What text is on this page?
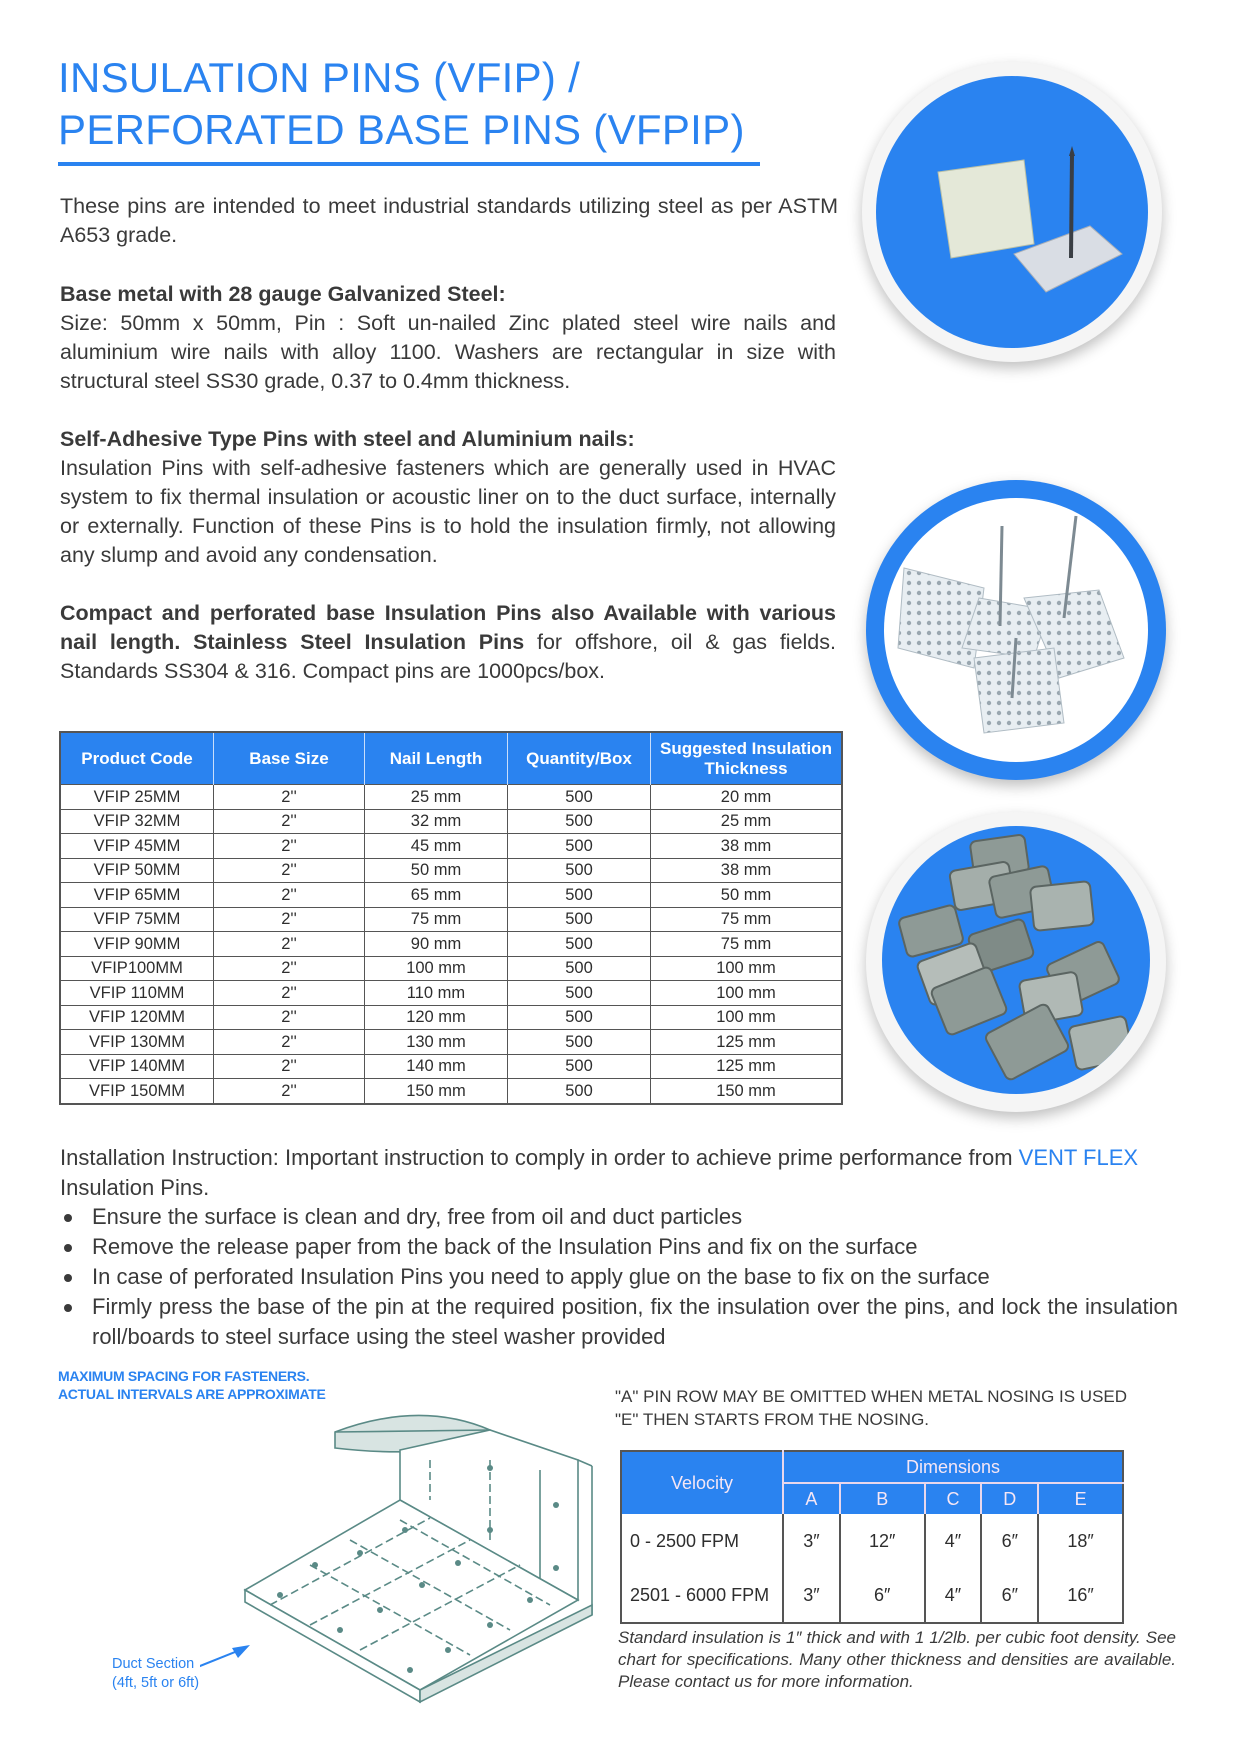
INSULATION PINS (VFIP) /
PERFORATED BASE PINS (VFPIP)
These pins are intended to meet industrial standards utilizing steel as per ASTM A653 grade.
Base metal with 28 gauge Galvanized Steel:
Size: 50mm x 50mm, Pin : Soft un-nailed Zinc plated steel wire nails and aluminium wire nails with alloy 1100. Washers are rectangular in size with structural steel SS30 grade, 0.37 to 0.4mm thickness.
Self-Adhesive Type Pins with steel and Aluminium nails:
Insulation Pins with self-adhesive fasteners which are generally used in HVAC system to fix thermal insulation or acoustic liner on to the duct surface, internally or externally. Function of these Pins is to hold the insulation firmly, not allowing any slump and avoid any condensation.
Compact and perforated base Insulation Pins also Available with various nail length. Stainless Steel Insulation Pins for offshore, oil & gas fields. Standards SS304 & 316. Compact pins are 1000pcs/box.
Product Code	Base Size	Nail Length	Quantity/Box	Suggested Insulation Thickness
VFIP 25MM	2''	25 mm	500	20 mm
VFIP 32MM	2''	32 mm	500	25 mm
VFIP 45MM	2''	45 mm	500	38 mm
VFIP 50MM	2''	50 mm	500	38 mm
VFIP 65MM	2''	65 mm	500	50 mm
VFIP 75MM	2''	75 mm	500	75 mm
VFIP 90MM	2''	90 mm	500	75 mm
VFIP100MM	2''	100 mm	500	100 mm
VFIP 110MM	2''	110 mm	500	100 mm
VFIP 120MM	2''	120 mm	500	100 mm
VFIP 130MM	2''	130 mm	500	125 mm
VFIP 140MM	2''	140 mm	500	125 mm
VFIP 150MM	2''	150 mm	500	150 mm
Installation Instruction: Important instruction to comply in order to achieve prime performance from VENT FLEX Insulation Pins.
Ensure the surface is clean and dry, free from oil and duct particles
Remove the release paper from the back of the Insulation Pins and fix on the surface
In case of perforated Insulation Pins you need to apply glue on the base to fix on the surface
Firmly press the base of the pin at the required position, fix the insulation over the pins, and lock the insulation roll/boards to steel surface using the steel washer provided
MAXIMUM SPACING FOR FASTENERS.
ACTUAL INTERVALS ARE APPROXIMATE
Duct Section
(4ft, 5ft or 6ft)
"A" PIN ROW MAY BE OMITTED WHEN METAL NOSING IS USED
"E" THEN STARTS FROM THE NOSING.
Velocity	Dimensions				
	A	B	C	D	E
0 - 2500 FPM	3″	12″	4″	6″	18″
2501 - 6000 FPM	3″	6″	4″	6″	16″
Standard insulation is 1″ thick and with 1 1/2lb. per cubic foot density. See chart for specifications. Many other thickness and densities are available. Please contact us for more information.
